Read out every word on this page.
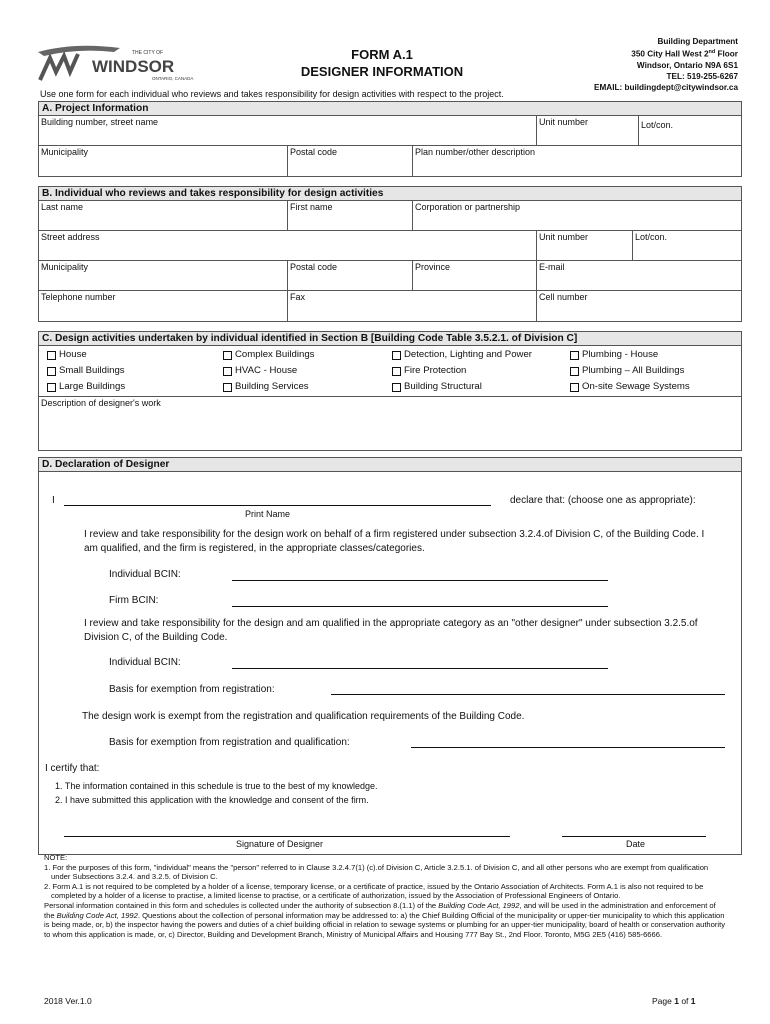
THE CITY OF
WINDSOR
ONTARIO, CANADA
FORM A.1
DESIGNER INFORMATION
Building Department
350 City Hall West 2nd Floor
Windsor, Ontario N9A 6S1
TEL: 519-255-6267
EMAIL: buildingdept@citywindsor.ca
Use one form for each individual who reviews and takes responsibility for design activities with respect to the project.
A. Project Information
Building number, street name	Unit number	Lot/con.
Municipality	Postal code	Plan number/other description
B. Individual who reviews and takes responsibility for design activities
Last name	First name	Corporation or partnership
Street address	Unit number	Lot/con.
Municipality	Postal code	Province	E-mail
Telephone number	Fax	Cell number
C. Design activities undertaken by individual identified in Section B [Building Code Table 3.5.2.1. of Division C]
House
Small Buildings
Large Buildings
Complex Buildings
HVAC - House
Building Services
Detection, Lighting and Power
Fire Protection
Building Structural
Plumbing - House
Plumbing – All Buildings
On-site Sewage Systems
Description of designer's work
D. Declaration of Designer
I	declare that: (choose one as appropriate):
Print Name
I review and take responsibility for the design work on behalf of a firm registered under subsection 3.2.4.of Division C, of the Building Code. I am qualified, and the firm is registered, in the appropriate classes/categories.
Individual BCIN:
Firm BCIN:
I review and take responsibility for the design and am qualified in the appropriate category as an "other designer" under subsection 3.2.5.of Division C, of the Building Code.
Individual BCIN:
Basis for exemption from registration:
The design work is exempt from the registration and qualification requirements of the Building Code.
Basis for exemption from registration and qualification:
I certify that:
1. The information contained in this schedule is true to the best of my knowledge.
2. I have submitted this application with the knowledge and consent of the firm.
Signature of Designer	Date
NOTE:
1. For the purposes of this form, "individual" means the "person" referred to in Clause 3.2.4.7(1) (c).of Division C, Article 3.2.5.1. of Division C, and all other persons who are exempt from qualification under Subsections 3.2.4. and 3.2.5. of Division C.
2. Form A.1 is not required to be completed by a holder of a license, temporary license, or a certificate of practice, issued by the Ontario Association of Architects. Form A.1 is also not required to be completed by a holder of a license to practise, a limited license to practise, or a certificate of authorization, issued by the Association of Professional Engineers of Ontario.
Personal information contained in this form and schedules is collected under the authority of subsection 8.(1.1) of the Building Code Act, 1992, and will be used in the administration and enforcement of the Building Code Act, 1992. Questions about the collection of personal information may be addressed to: a) the Chief Building Official of the municipality or upper-tier municipality to which this application is being made, or, b) the inspector having the powers and duties of a chief building official in relation to sewage systems or plumbing for an upper-tier municipality, board of health or conservation authority to whom this application is made, or, c) Director, Building and Development Branch, Ministry of Municipal Affairs and Housing 777 Bay St., 2nd Floor. Toronto, M5G 2E5 (416) 585-6666.
2018 Ver.1.0	Page 1 of 1
